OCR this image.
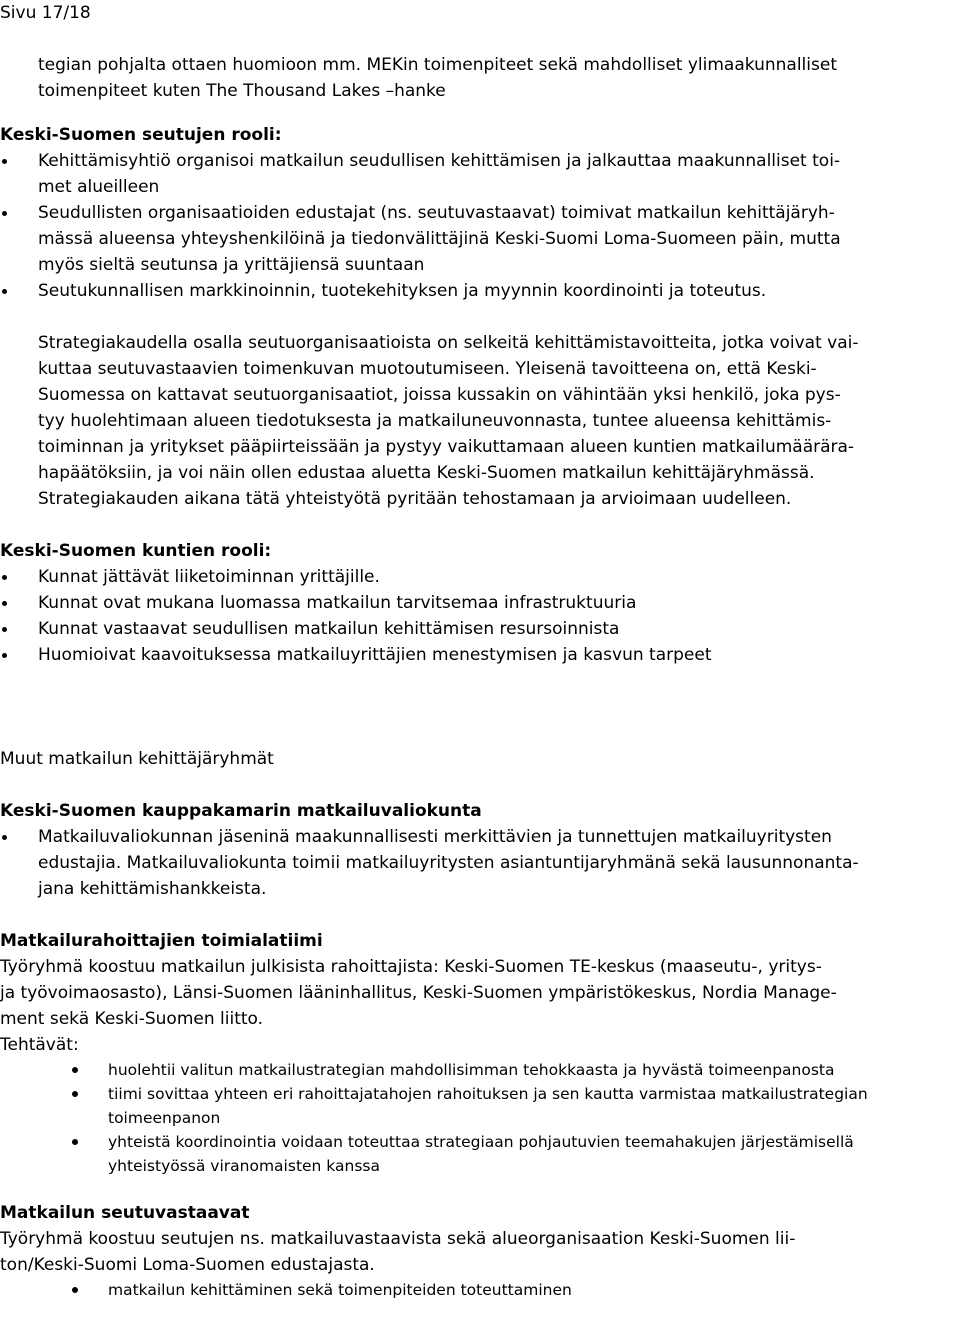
Sivu 17/18
tegian pohjalta ottaen huomioon mm. MEKin toimenpiteet sekä mahdolliset ylimaakunnalliset
toimenpiteet kuten The Thousand Lakes –hanke
Keski-Suomen seutujen rooli:
Kehittämisyhtiö organisoi matkailun seudullisen kehittämisen ja jalkauttaa maakunnalliset toi-
met alueilleen
Seudullisten organisaatioiden edustajat (ns. seutuvastaavat) toimivat matkailun kehittäjäryh-
mässä alueensa yhteyshenkilöinä ja tiedonvälittäjinä Keski-Suomi Loma-Suomeen päin, mutta
myös sieltä seutunsa ja yrittäjiensä suuntaan
Seutukunnallisen markkinoinnin, tuotekehityksen ja myynnin koordinointi ja toteutus.
Strategiakaudella osalla seutuorganisaatioista on selkeitä kehittämistavoitteita, jotka voivat vai-
kuttaa seutuvastaavien toimenkuvan muotoutumiseen. Yleisenä tavoitteena on, että Keski-
Suomessa on kattavat seutuorganisaatiot, joissa kussakin on vähintään yksi henkilö, joka pys-
tyy huolehtimaan alueen tiedotuksesta ja matkailuneuvonnasta, tuntee alueensa kehittämis-
toiminnan ja yritykset pääpiirteissään ja pystyy vaikuttamaan alueen kuntien matkailumäärära-
hapäätöksiin, ja voi näin ollen edustaa aluetta Keski-Suomen matkailun kehittäjäryhmässä.
Strategiakauden aikana tätä yhteistyötä pyritään tehostamaan ja arvioimaan uudelleen.
Keski-Suomen kuntien rooli:
Kunnat jättävät liiketoiminnan yrittäjille.
Kunnat ovat mukana luomassa matkailun tarvitsemaa infrastruktuuria
Kunnat vastaavat seudullisen matkailun kehittämisen resursoinnista
Huomioivat kaavoituksessa matkailuyrittäjien menestymisen ja kasvun tarpeet
Muut matkailun kehittäjäryhmät
Keski-Suomen kauppakamarin matkailuvaliokunta
Matkailuvaliokunnan jäseninä maakunnallisesti merkittävien ja tunnettujen matkailuyritysten
edustajia. Matkailuvaliokunta toimii matkailuyritysten asiantuntijaryhmänä sekä lausunnonanta-
jana kehittämishankkeista.
Matkailurahoittajien toimialatiimi
Työryhmä koostuu matkailun julkisista rahoittajista: Keski-Suomen TE-keskus (maaseutu-, yritys-
ja työvoimaosasto), Länsi-Suomen lääninhallitus, Keski-Suomen ympäristökeskus, Nordia Manage-
ment sekä Keski-Suomen liitto.
Tehtävät:
huolehtii valitun matkailustrategian mahdollisimman tehokkaasta ja hyvästä toimeenpanosta
tiimi sovittaa yhteen eri rahoittajatahojen rahoituksen ja sen kautta varmistaa matkailustrategian
toimeenpanon
yhteistä koordinointia voidaan toteuttaa strategiaan pohjautuvien teemahakujen järjestämisellä
yhteistyössä viranomaisten kanssa
Matkailun seutuvastaavat
Työryhmä koostuu seutujen ns. matkailuvastaavista sekä alueorganisaation Keski-Suomen lii-
ton/Keski-Suomi Loma-Suomen edustajasta.
matkailun kehittäminen sekä toimenpiteiden toteuttaminen
